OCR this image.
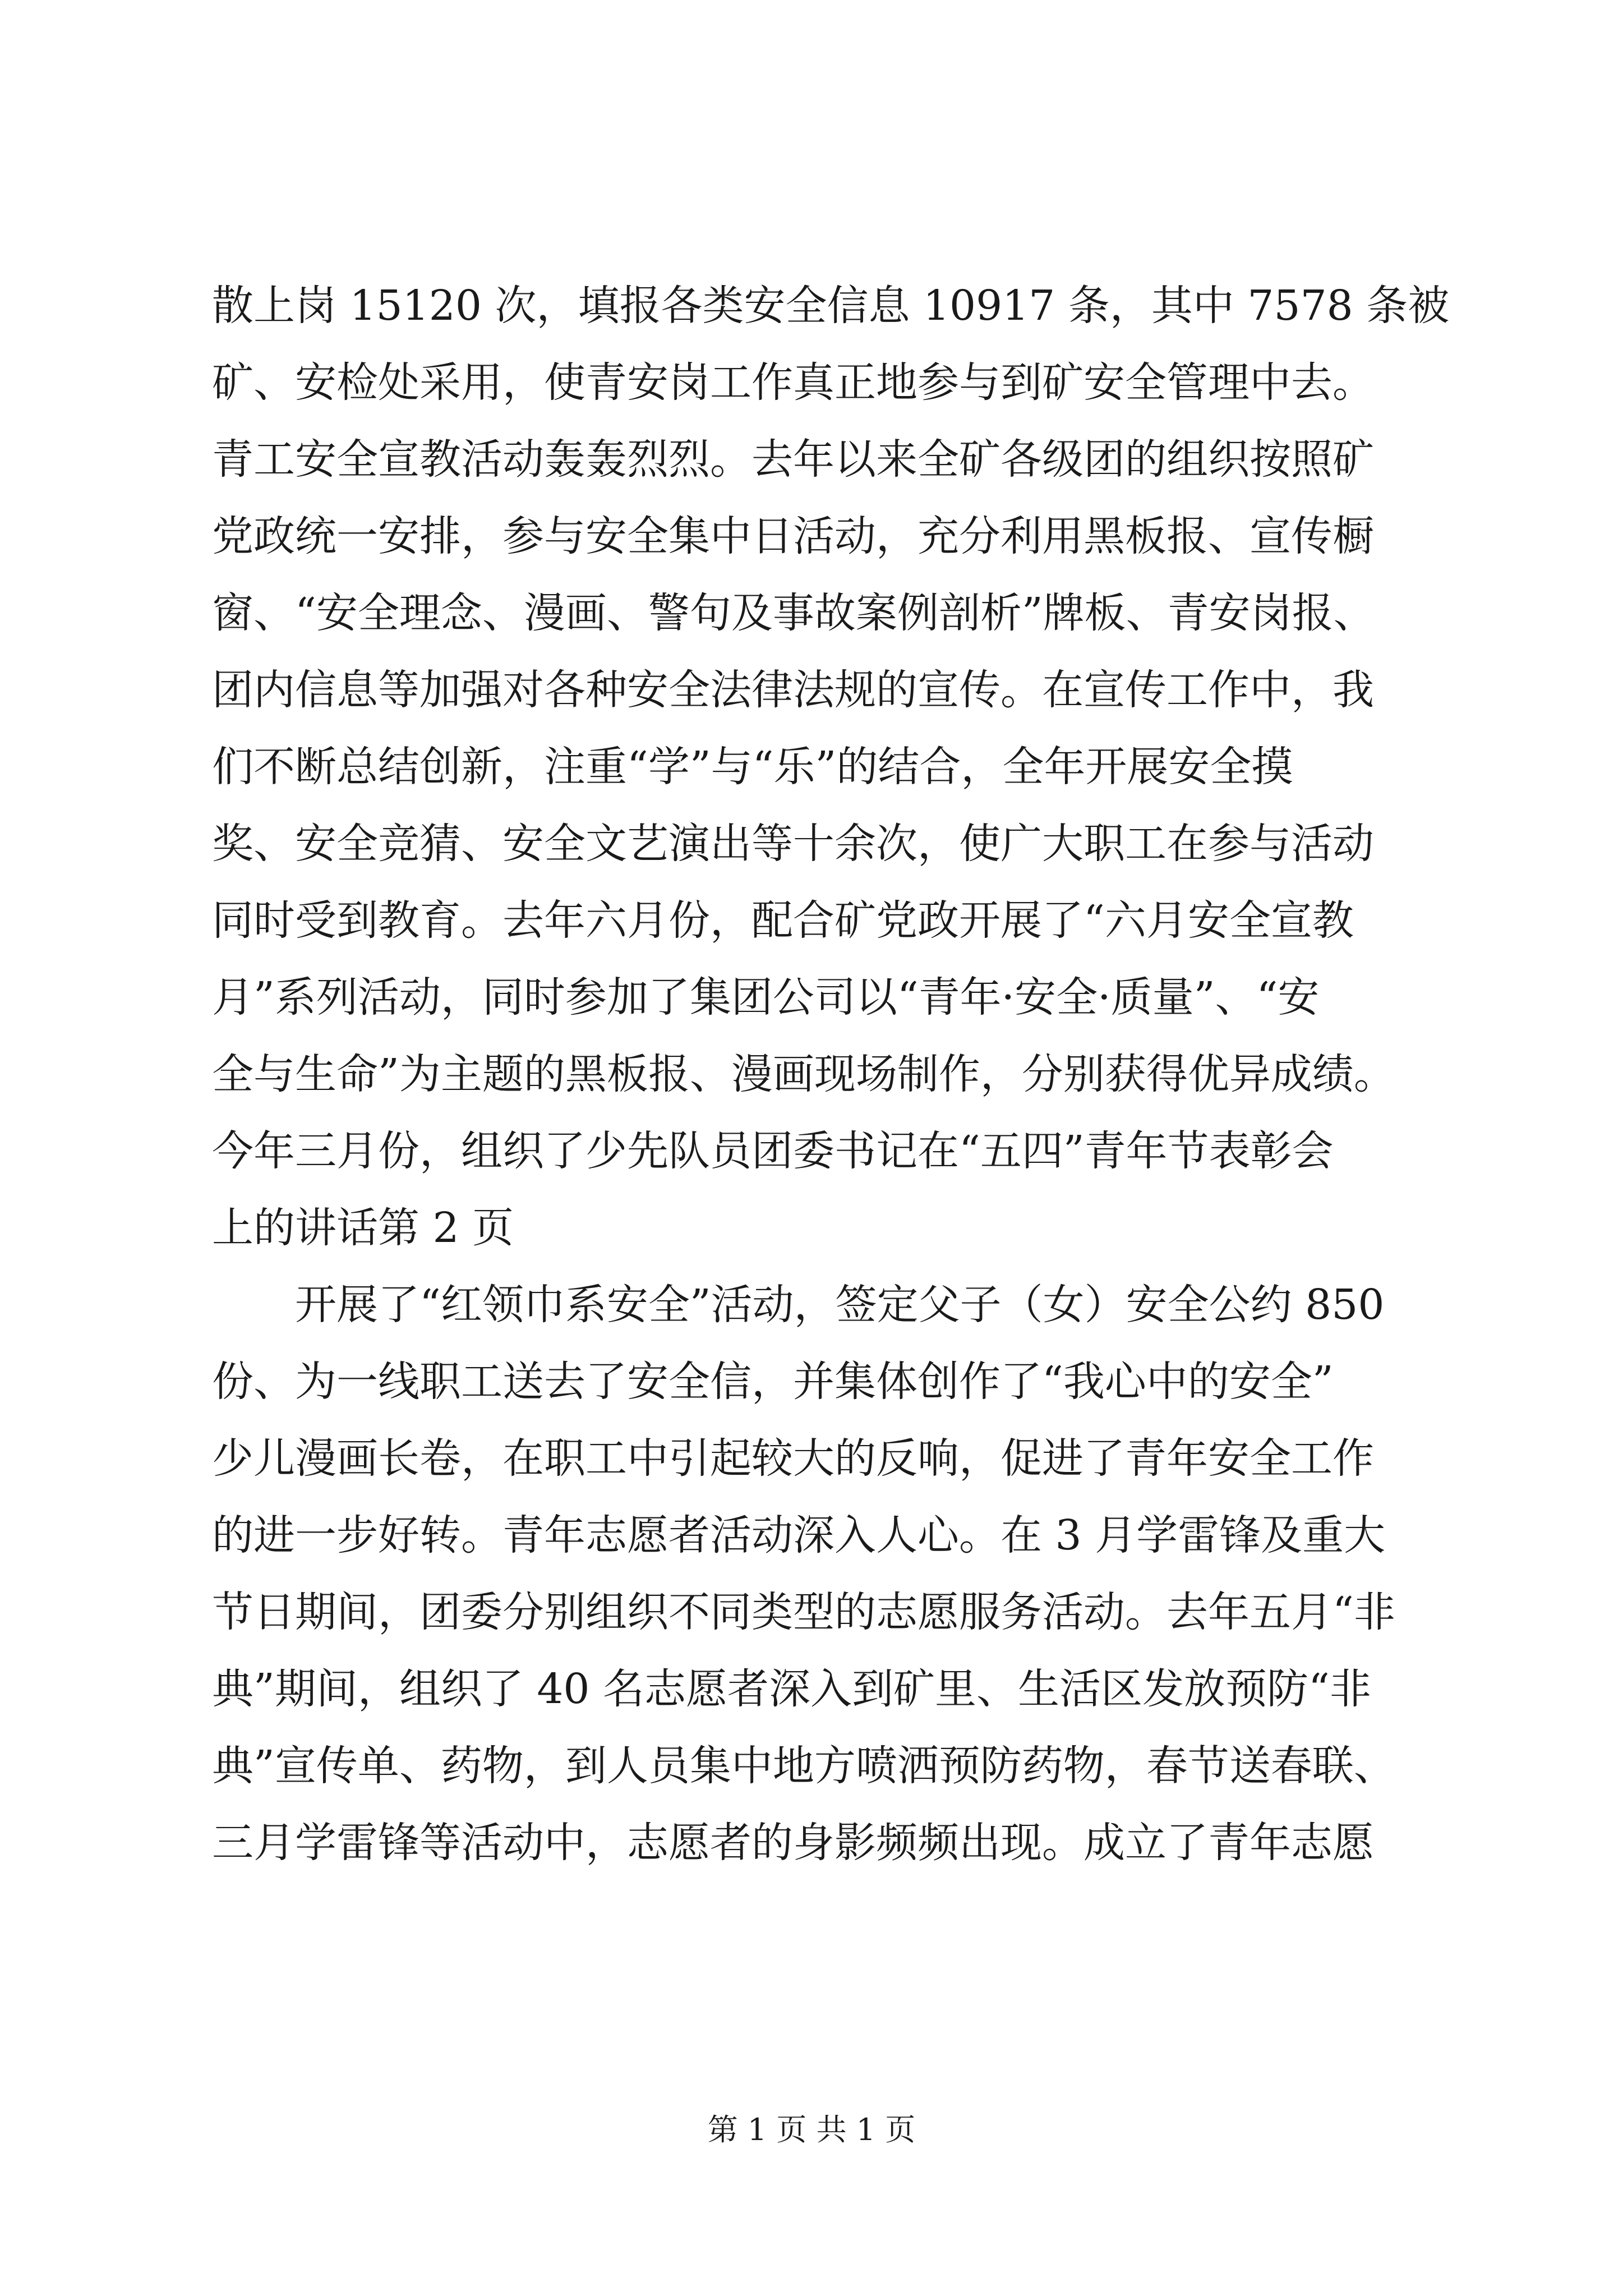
散上岗 15120 次，填报各类安全信息 10917 条，其中 7578 条被
矿、安检处采用，使青安岗工作真正地参与到矿安全管理中去。
青工安全宣教活动轰轰烈烈。去年以来全矿各级团的组织按照矿
党政统一安排，参与安全集中日活动，充分利用黑板报、宣传橱
窗、“安全理念、漫画、警句及事故案例剖析”牌板、青安岗报、
团内信息等加强对各种安全法律法规的宣传。在宣传工作中，我
们不断总结创新，注重“学”与“乐”的结合，全年开展安全摸
奖、安全竞猜、安全文艺演出等十余次，使广大职工在参与活动
同时受到教育。去年六月份，配合矿党政开展了“六月安全宣教
月”系列活动，同时参加了集团公司以“青年·安全·质量”、“安
全与生命”为主题的黑板报、漫画现场制作，分别获得优异成绩。
今年三月份，组织了少先队员团委书记在“五四”青年节表彰会
上的讲话第 2 页
开展了“红领巾系安全”活动，签定父子（女）安全公约 850
份、为一线职工送去了安全信，并集体创作了“我心中的安全”
少儿漫画长卷，在职工中引起较大的反响，促进了青年安全工作
的进一步好转。青年志愿者活动深入人心。在 3 月学雷锋及重大
节日期间，团委分别组织不同类型的志愿服务活动。去年五月“非
典”期间，组织了 40 名志愿者深入到矿里、生活区发放预防“非
典”宣传单、药物，到人员集中地方喷洒预防药物，春节送春联、
三月学雷锋等活动中，志愿者的身影频频出现。成立了青年志愿
第 1 页 共 1 页
